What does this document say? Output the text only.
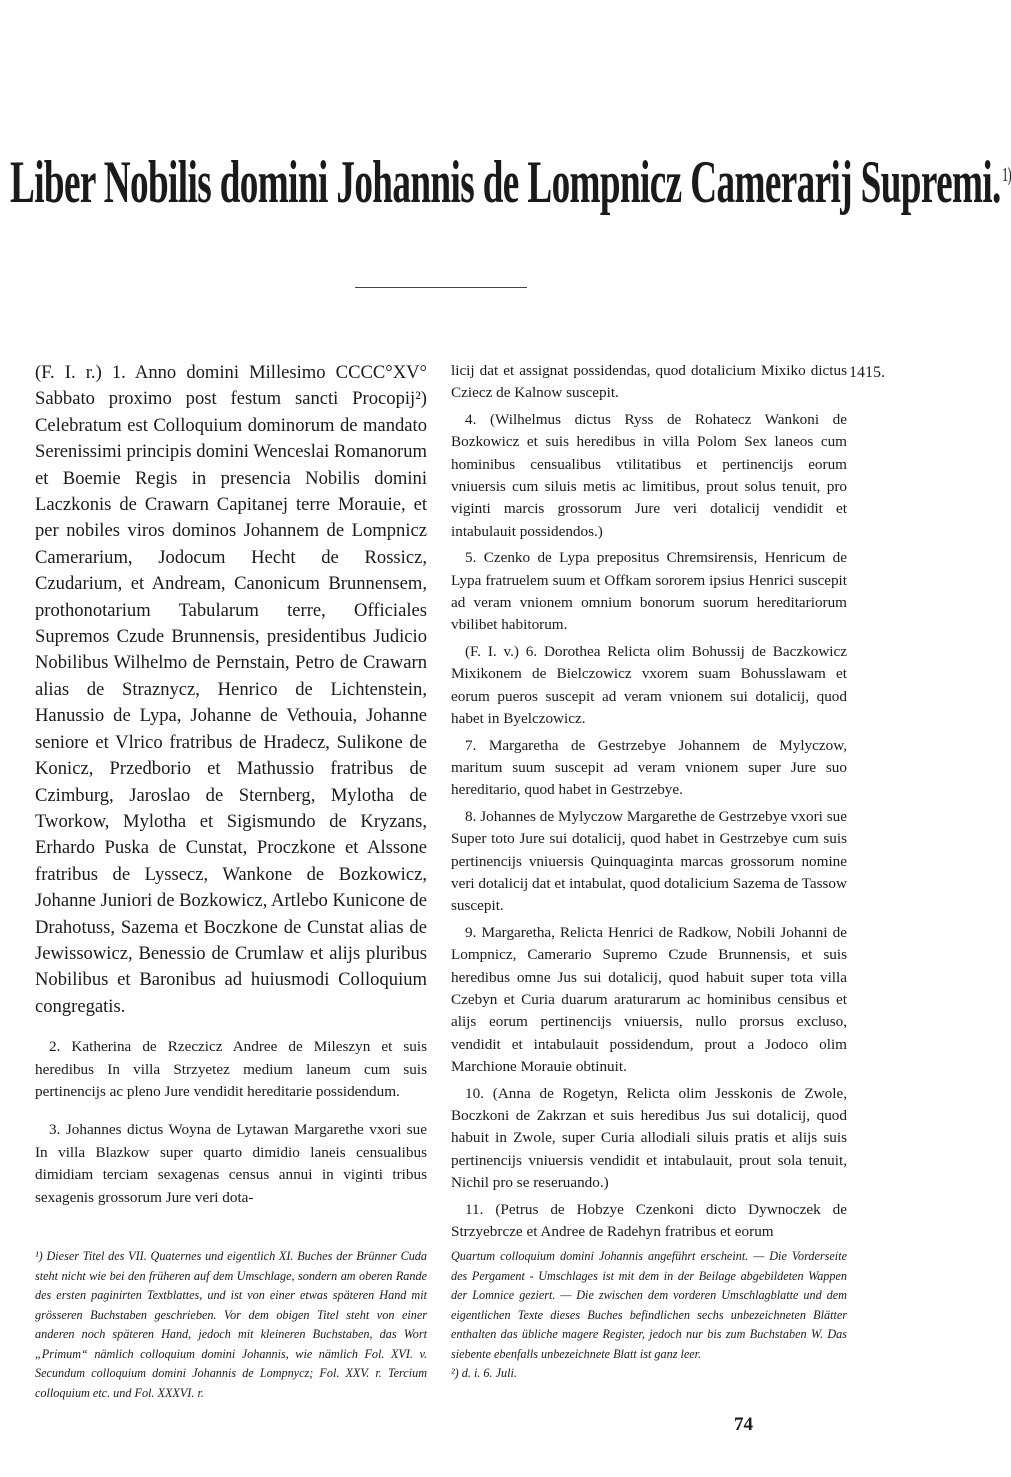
Liber Nobilis domini Johannis de Lompnicz Camerarij Supremi.$^{1)}$

(F. I. r.) 1. Anno domini Millesimo CCCC°XV° Sabbato proximo post festum sancti Procopij²) Celebratum est Colloquium dominorum de mandato Serenissimi principis domini Wenceslai Romanorum et Boemie Regis in presencia Nobilis domini Laczkonis de Crawarn Capitanej terre Morauie, et per nobiles viros dominos Johannem de Lompnicz Camerarium, Jodocum Hecht de Rossicz, Czudarium, et Andream, Canonicum Brunnensem, prothonotarium Tabularum terre, Officiales Supremos Czude Brunnensis, presidentibus Judicio Nobilibus Wilhelmo de Pernstain, Petro de Crawarn alias de Straznycz, Henrico de Lichtenstein, Hanussio de Lypa, Johanne de Vethouia, Johanne seniore et Vlrico fratribus de Hradecz, Sulikone de Konicz, Przedborio et Mathussio fratribus de Czimburg, Jaroslao de Sternberg, Mylotha de Tworkow, Mylotha et Sigismundo de Kryzans, Erhardo Puska de Cunstat, Proczkone et Alssone fratribus de Lyssecz, Wankone de Bozkowicz, Johanne Juniori de Bozkowicz, Artlebo Kunicone de Drahotuss, Sazema et Boczkone de Cunstat alias de Jewissowicz, Benessio de Crumlaw et alijs pluribus Nobilibus et Baronibus ad huiusmodi Colloquium congregatis.

2. Katherina de Rzeczicz Andree de Mileszyn et suis heredibus In villa Strzyetez medium laneum cum suis pertinencijs ac pleno Jure vendidit hereditarie possidendum.

3. Johannes dictus Woyna de Lytawan Margarethe vxori sue In villa Blazkow super quarto dimidio laneis censualibus dimidiam terciam sexagenas census annui in viginti tribus sexagenis grossorum Jure veri dota-

1415.

licij dat et assignat possidendas, quod dotalicium Mixiko dictus Cziecz de Kalnow suscepit.

4. (Wilhelmus dictus Ryss de Rohatecz Wankoni de Bozkowicz et suis heredibus in villa Polom Sex laneos cum hominibus censualibus vtilitatibus et pertinencijs eorum vniuersis cum siluis metis ac limitibus, prout solus tenuit, pro viginti marcis grossorum Jure veri dotalicij vendidit et intabulauit possidendos.)

5. Czenko de Lypa prepositus Chremsirensis, Henricum de Lypa fratruelem suum et Offkam sororem ipsius Henrici suscepit ad veram vnionem omnium bonorum suorum hereditariorum vbilibet habitorum.

(F. I. v.) 6. Dorothea Relicta olim Bohussij de Baczkowicz Mixikonem de Bielczowicz vxorem suam Bohusslawam et eorum pueros suscepit ad veram vnionem sui dotalicij, quod habet in Byelczowicz.

7. Margaretha de Gestrzebye Johannem de Mylyczow, maritum suum suscepit ad veram vnionem super Jure suo hereditario, quod habet in Gestrzebye.

8. Johannes de Mylyczow Margarethe de Gestrzebye vxori sue Super toto Jure sui dotalicij, quod habet in Gestrzebye cum suis pertinencijs vniuersis Quinquaginta marcas grossorum nomine veri dotalicij dat et intabulat, quod dotalicium Sazema de Tassow suscepit.

9. Margaretha, Relicta Henrici de Radkow, Nobili Johanni de Lompnicz, Camerario Supremo Czude Brunnensis, et suis heredibus omne Jus sui dotalicij, quod habuit super tota villa Czebyn et Curia duarum araturarum ac hominibus censibus et alijs eorum pertinencijs vniuersis, nullo prorsus excluso, vendidit et intabulauit possidendum, prout a Jodoco olim Marchione Morauie obtinuit.

10. (Anna de Rogetyn, Relicta olim Jesskonis de Zwole, Boczkoni de Zakrzan et suis heredibus Jus sui dotalicij, quod habuit in Zwole, super Curia allodiali siluis pratis et alijs suis pertinencijs vniuersis vendidit et intabulauit, prout sola tenuit, Nichil pro se reseruando.)

11. (Petrus de Hobzye Czenkoni dicto Dywnoczek de Strzyebrcze et Andree de Radehyn fratribus et eorum

¹) Dieser Titel des VII. Quaternes und eigentlich XI. Buches der Brünner Cuda steht nicht wie bei den früheren auf dem Umschlage, sondern am oberen Rande des ersten paginirten Textblattes, und ist von einer etwas späteren Hand mit grösseren Buchstaben geschrieben. Vor dem obigen Titel steht von einer anderen noch späteren Hand, jedoch mit kleineren Buchstaben, das Wort „Primum“ nämlich colloquium domini Johannis, wie nämlich Fol. XVI. v. Secundum colloquium domini Johannis de Lompnycz; Fol. XXV. r. Tercium colloquium etc. und Fol. XXXVI. r.

Quartum colloquium domini Johannis angeführt erscheint. — Die Vorderseite des Pergament - Umschlages ist mit dem in der Beilage abgebildeten Wappen der Lomnice geziert. — Die zwischen dem vorderen Umschlagblatte und dem eigentlichen Texte dieses Buches befindlichen sechs unbezeichneten Blätter enthalten das übliche magere Register, jedoch nur bis zum Buchstaben W. Das siebente ebenfalls unbezeichnete Blatt ist ganz leer.

²) d. i. 6. Juli.

74
